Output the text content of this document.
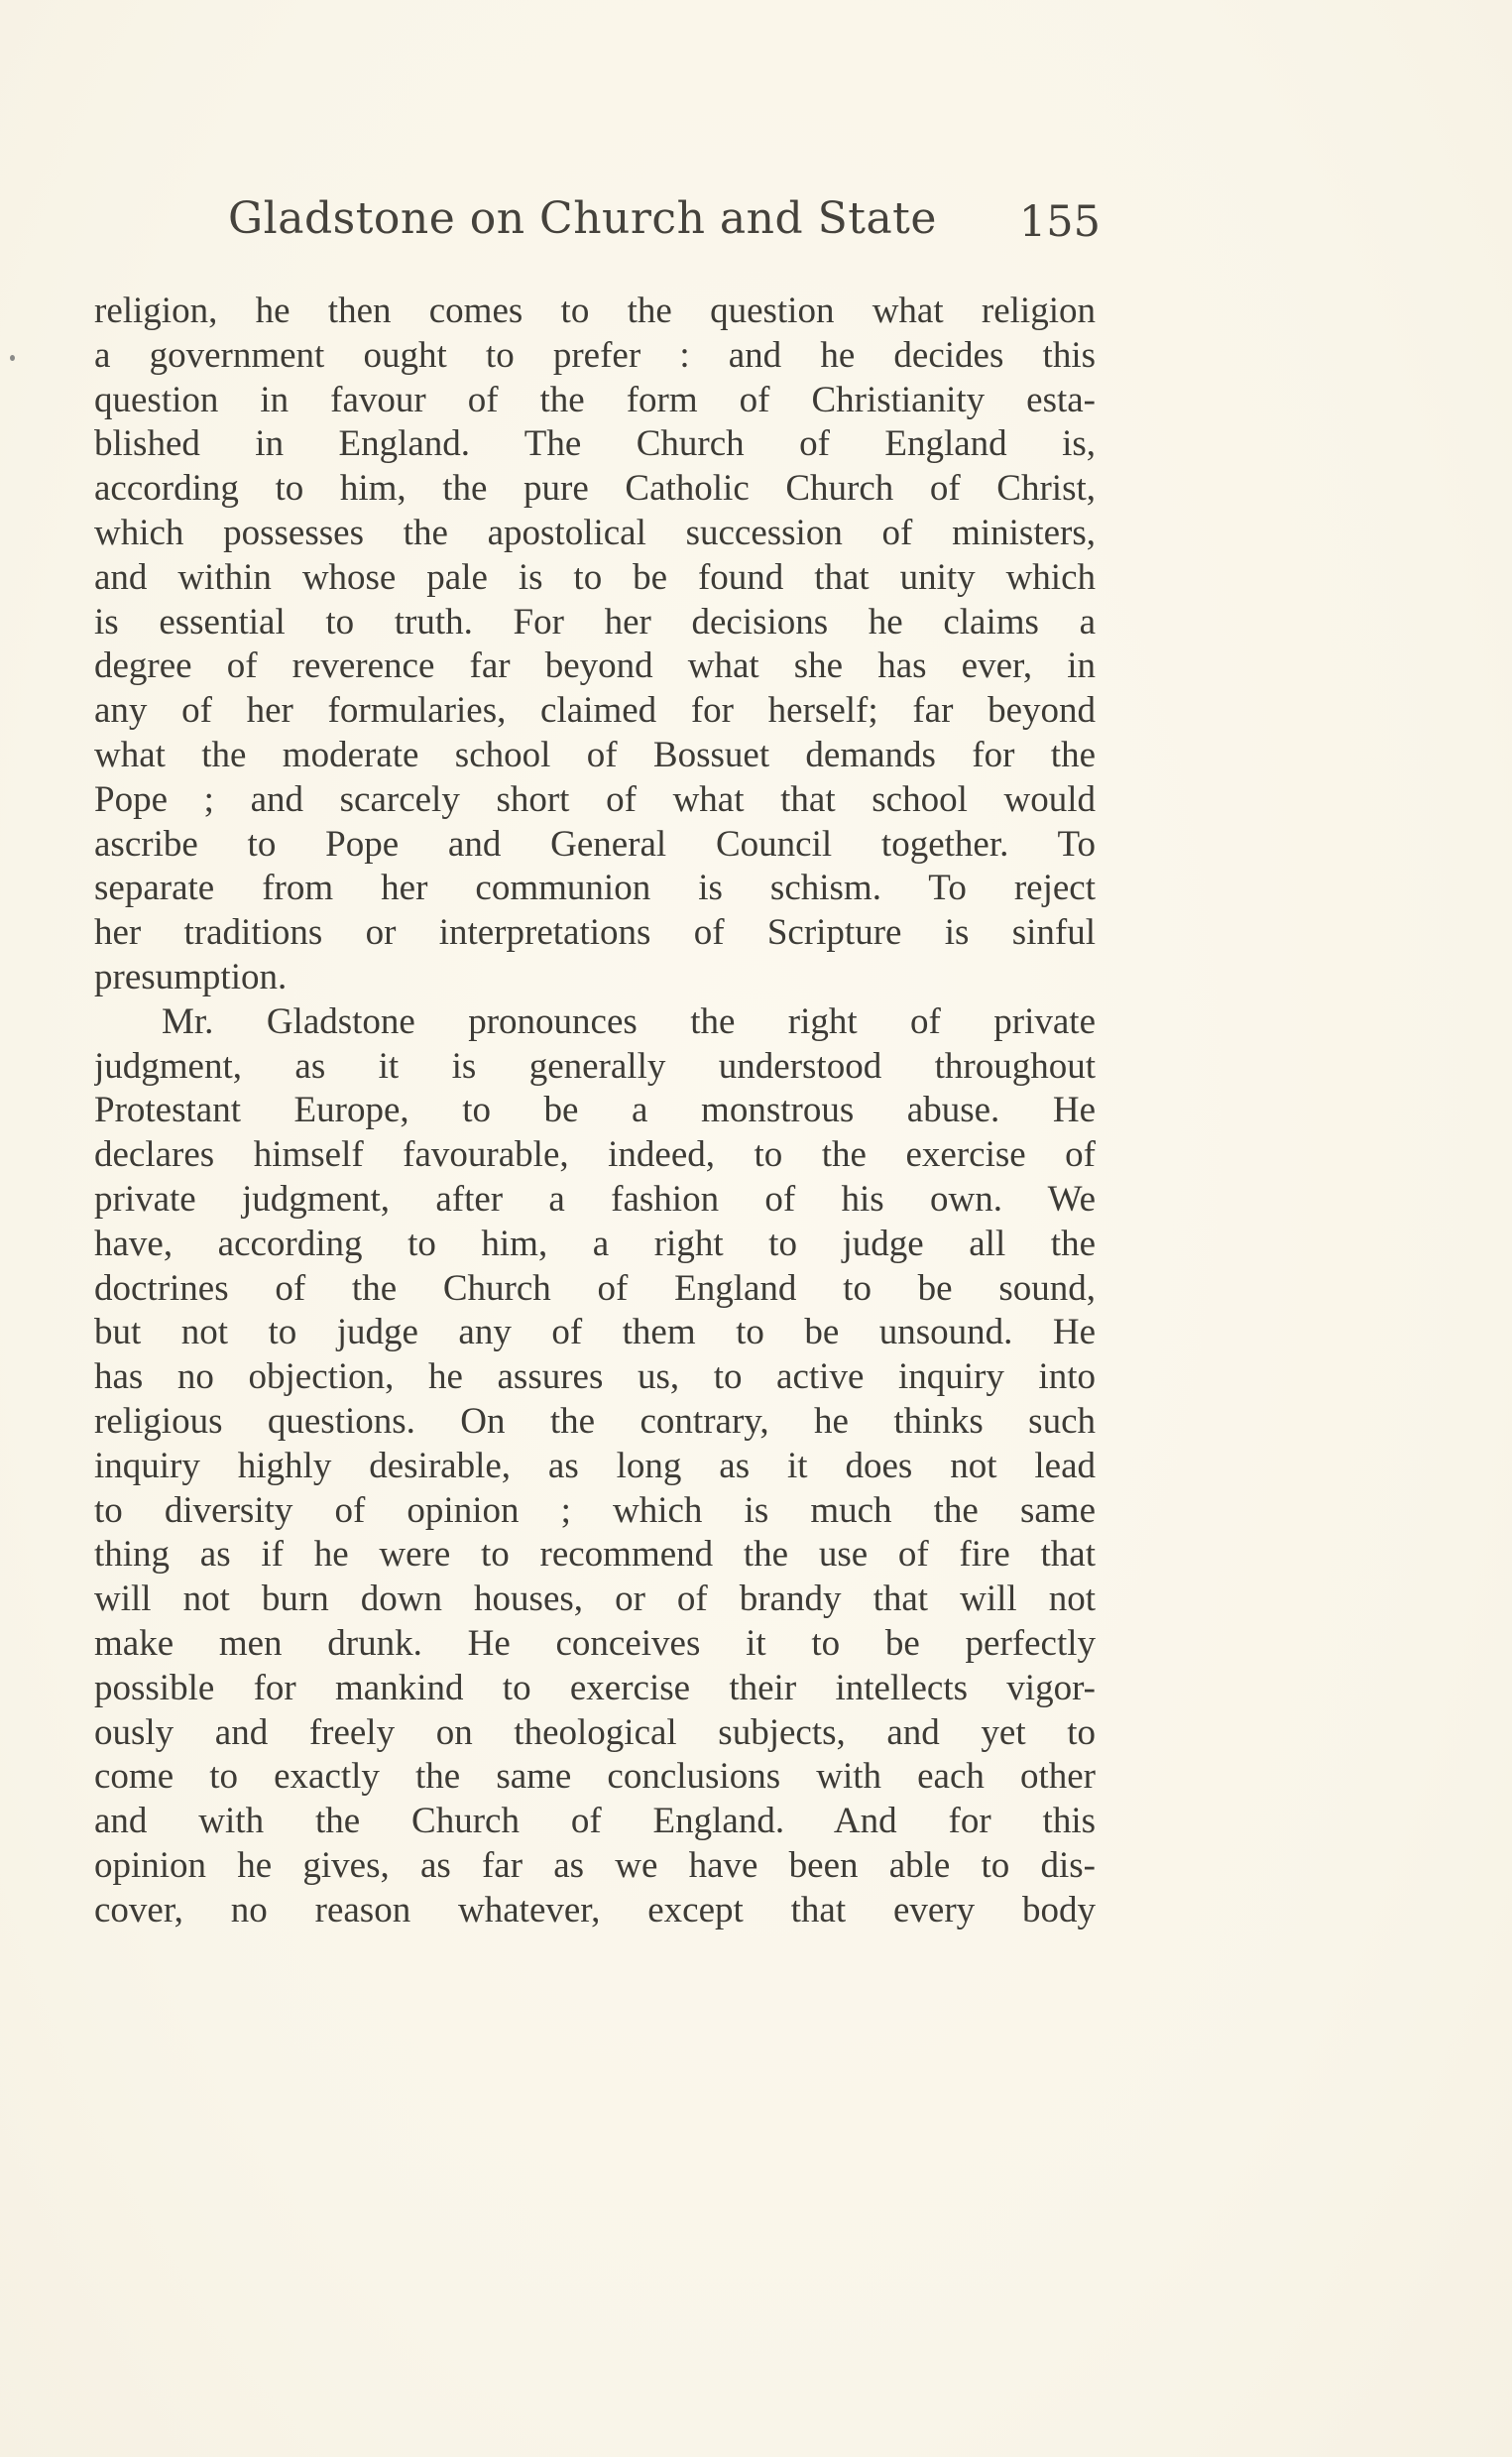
Gladstone on Church and State 155
religion, he then comes to the question what religion
a government ought to prefer : and he decides this
question in favour of the form of Christianity esta-
blished in England. The Church of England is,
according to him, the pure Catholic Church of Christ,
which possesses the apostolical succession of ministers,
and within whose pale is to be found that unity which
is essential to truth. For her decisions he claims a
degree of reverence far beyond what she has ever, in
any of her formularies, claimed for herself; far beyond
what the moderate school of Bossuet demands for the
Pope ; and scarcely short of what that school would
ascribe to Pope and General Council together. To
separate from her communion is schism. To reject
her traditions or interpretations of Scripture is sinful
presumption.
Mr. Gladstone pronounces the right of private
judgment, as it is generally understood throughout
Protestant Europe, to be a monstrous abuse. He
declares himself favourable, indeed, to the exercise of
private judgment, after a fashion of his own. We
have, according to him, a right to judge all the
doctrines of the Church of England to be sound,
but not to judge any of them to be unsound. He
has no objection, he assures us, to active inquiry into
religious questions. On the contrary, he thinks such
inquiry highly desirable, as long as it does not lead
to diversity of opinion ; which is much the same
thing as if he were to recommend the use of fire that
will not burn down houses, or of brandy that will not
make men drunk. He conceives it to be perfectly
possible for mankind to exercise their intellects vigor-
ously and freely on theological subjects, and yet to
come to exactly the same conclusions with each other
and with the Church of England. And for this
opinion he gives, as far as we have been able to dis-
cover, no reason whatever, except that every body
